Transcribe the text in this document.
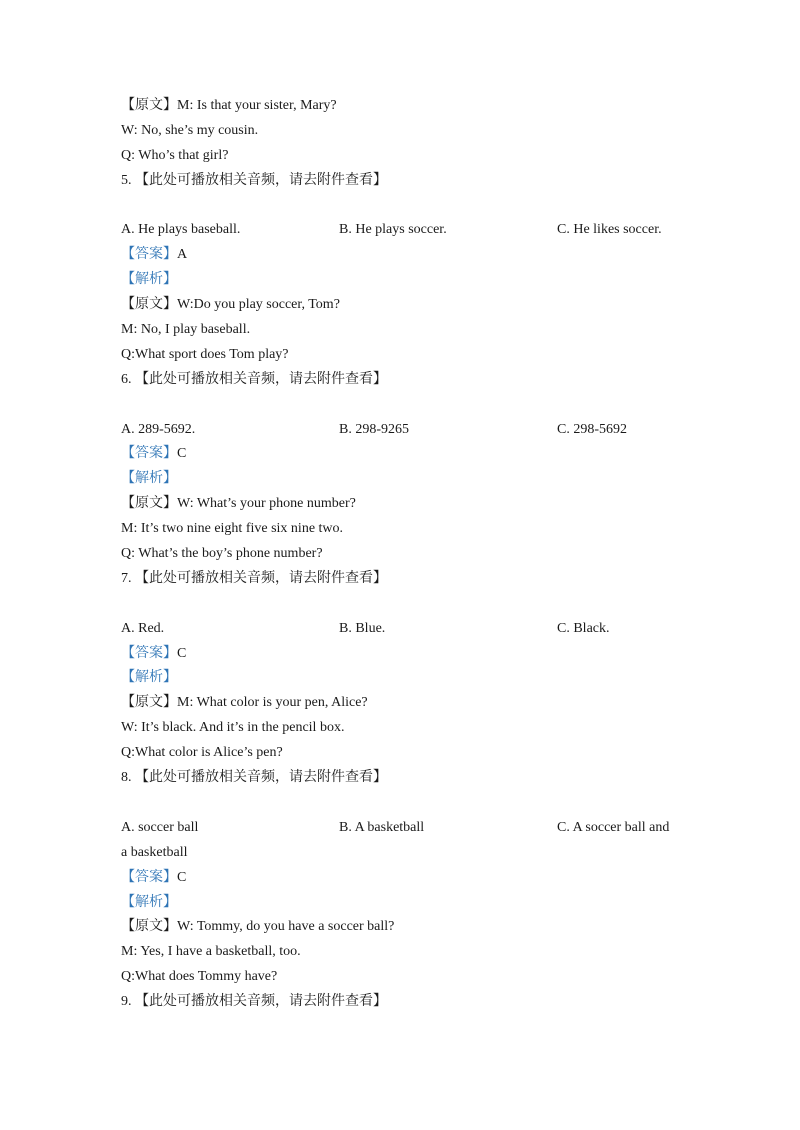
【原文】M: Is that your sister, Mary?
W: No, she’s my cousin.
Q: Who’s that girl?
5. 【此处可播放相关音频，请去附件查看】
A. He plays baseball.	B. He plays soccer.	C. He likes soccer.
【答案】A
【解析】
【原文】W:Do you play soccer, Tom?
M: No, I play baseball.
Q:What sport does Tom play?
6. 【此处可播放相关音频，请去附件查看】
A. 289-5692.	B. 298-9265	C. 298-5692
【答案】C
【解析】
【原文】W: What’s your phone number?
M: It’s two nine eight five six nine two.
Q: What’s the boy’s phone number?
7. 【此处可播放相关音频，请去附件查看】
A. Red.	B. Blue.	C. Black.
【答案】C
【解析】
【原文】M: What color is your pen, Alice?
W: It’s black. And it’s in the pencil box.
Q:What color is Alice’s pen?
8. 【此处可播放相关音频，请去附件查看】
A. soccer ball	B. A basketball	C. A soccer ball and
a basketball
【答案】C
【解析】
【原文】W: Tommy, do you have a soccer ball?
M: Yes, I have a basketball, too.
Q:What does Tommy have?
9. 【此处可播放相关音频，请去附件查看】
